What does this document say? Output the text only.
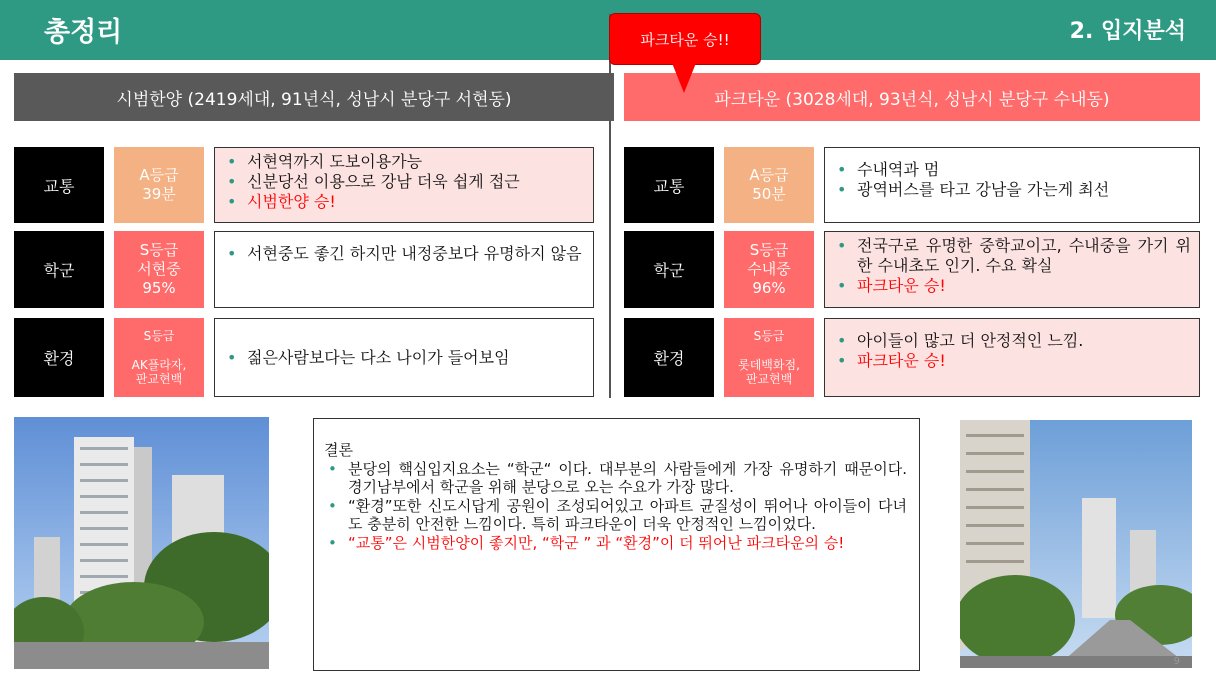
총정리	2. 입지분석
시범한양 (2419세대, 91년식, 성남시 분당구 서현동)	파크타운 (3028세대, 93년식, 성남시 분당구 수내동)
파크타운 승!!
교통
A등급
39분
• 서현역까지 도보이용가능
• 신분당선 이용으로 강남 더욱 쉽게 접근
• 시범한양 승!
학군
S등급
서현중
95%
• 서현중도 좋긴 하지만 내정중보다 유명하지 않음
환경
S등급
AK플라자,
판교현백
• 젊은사람보다는 다소 나이가 들어보임
교통
A등급
50분
• 수내역과 멈
• 광역버스를 타고 강남을 가는게 최선
학군
S등급
수내중
96%
• 전국구로 유명한 중학교이고, 수내중을 가기 위한 수내초도 인기. 수요 확실
• 파크타운 승!
환경
S등급
롯데백화점,
판교현백
• 아이들이 많고 더 안정적인 느낌.
• 파크타운 승!
결론
• 분당의 핵심입지요소는 “학군“ 이다. 대부분의 사람들에게 가장 유명하기 때문이다. 경기남부에서 학군을 위해 분당으로 오는 수요가 가장 많다.
• “환경”또한 신도시답게 공원이 조성되어있고 아파트 균질성이 뛰어나 아이들이 다녀도 충분히 안전한 느낌이다. 특히 파크타운이 더욱 안정적인 느낌이었다.
• “교통”은 시범한양이 좋지만, “학군 ” 과 “환경”이 더 뛰어난 파크타운의 승!
9
